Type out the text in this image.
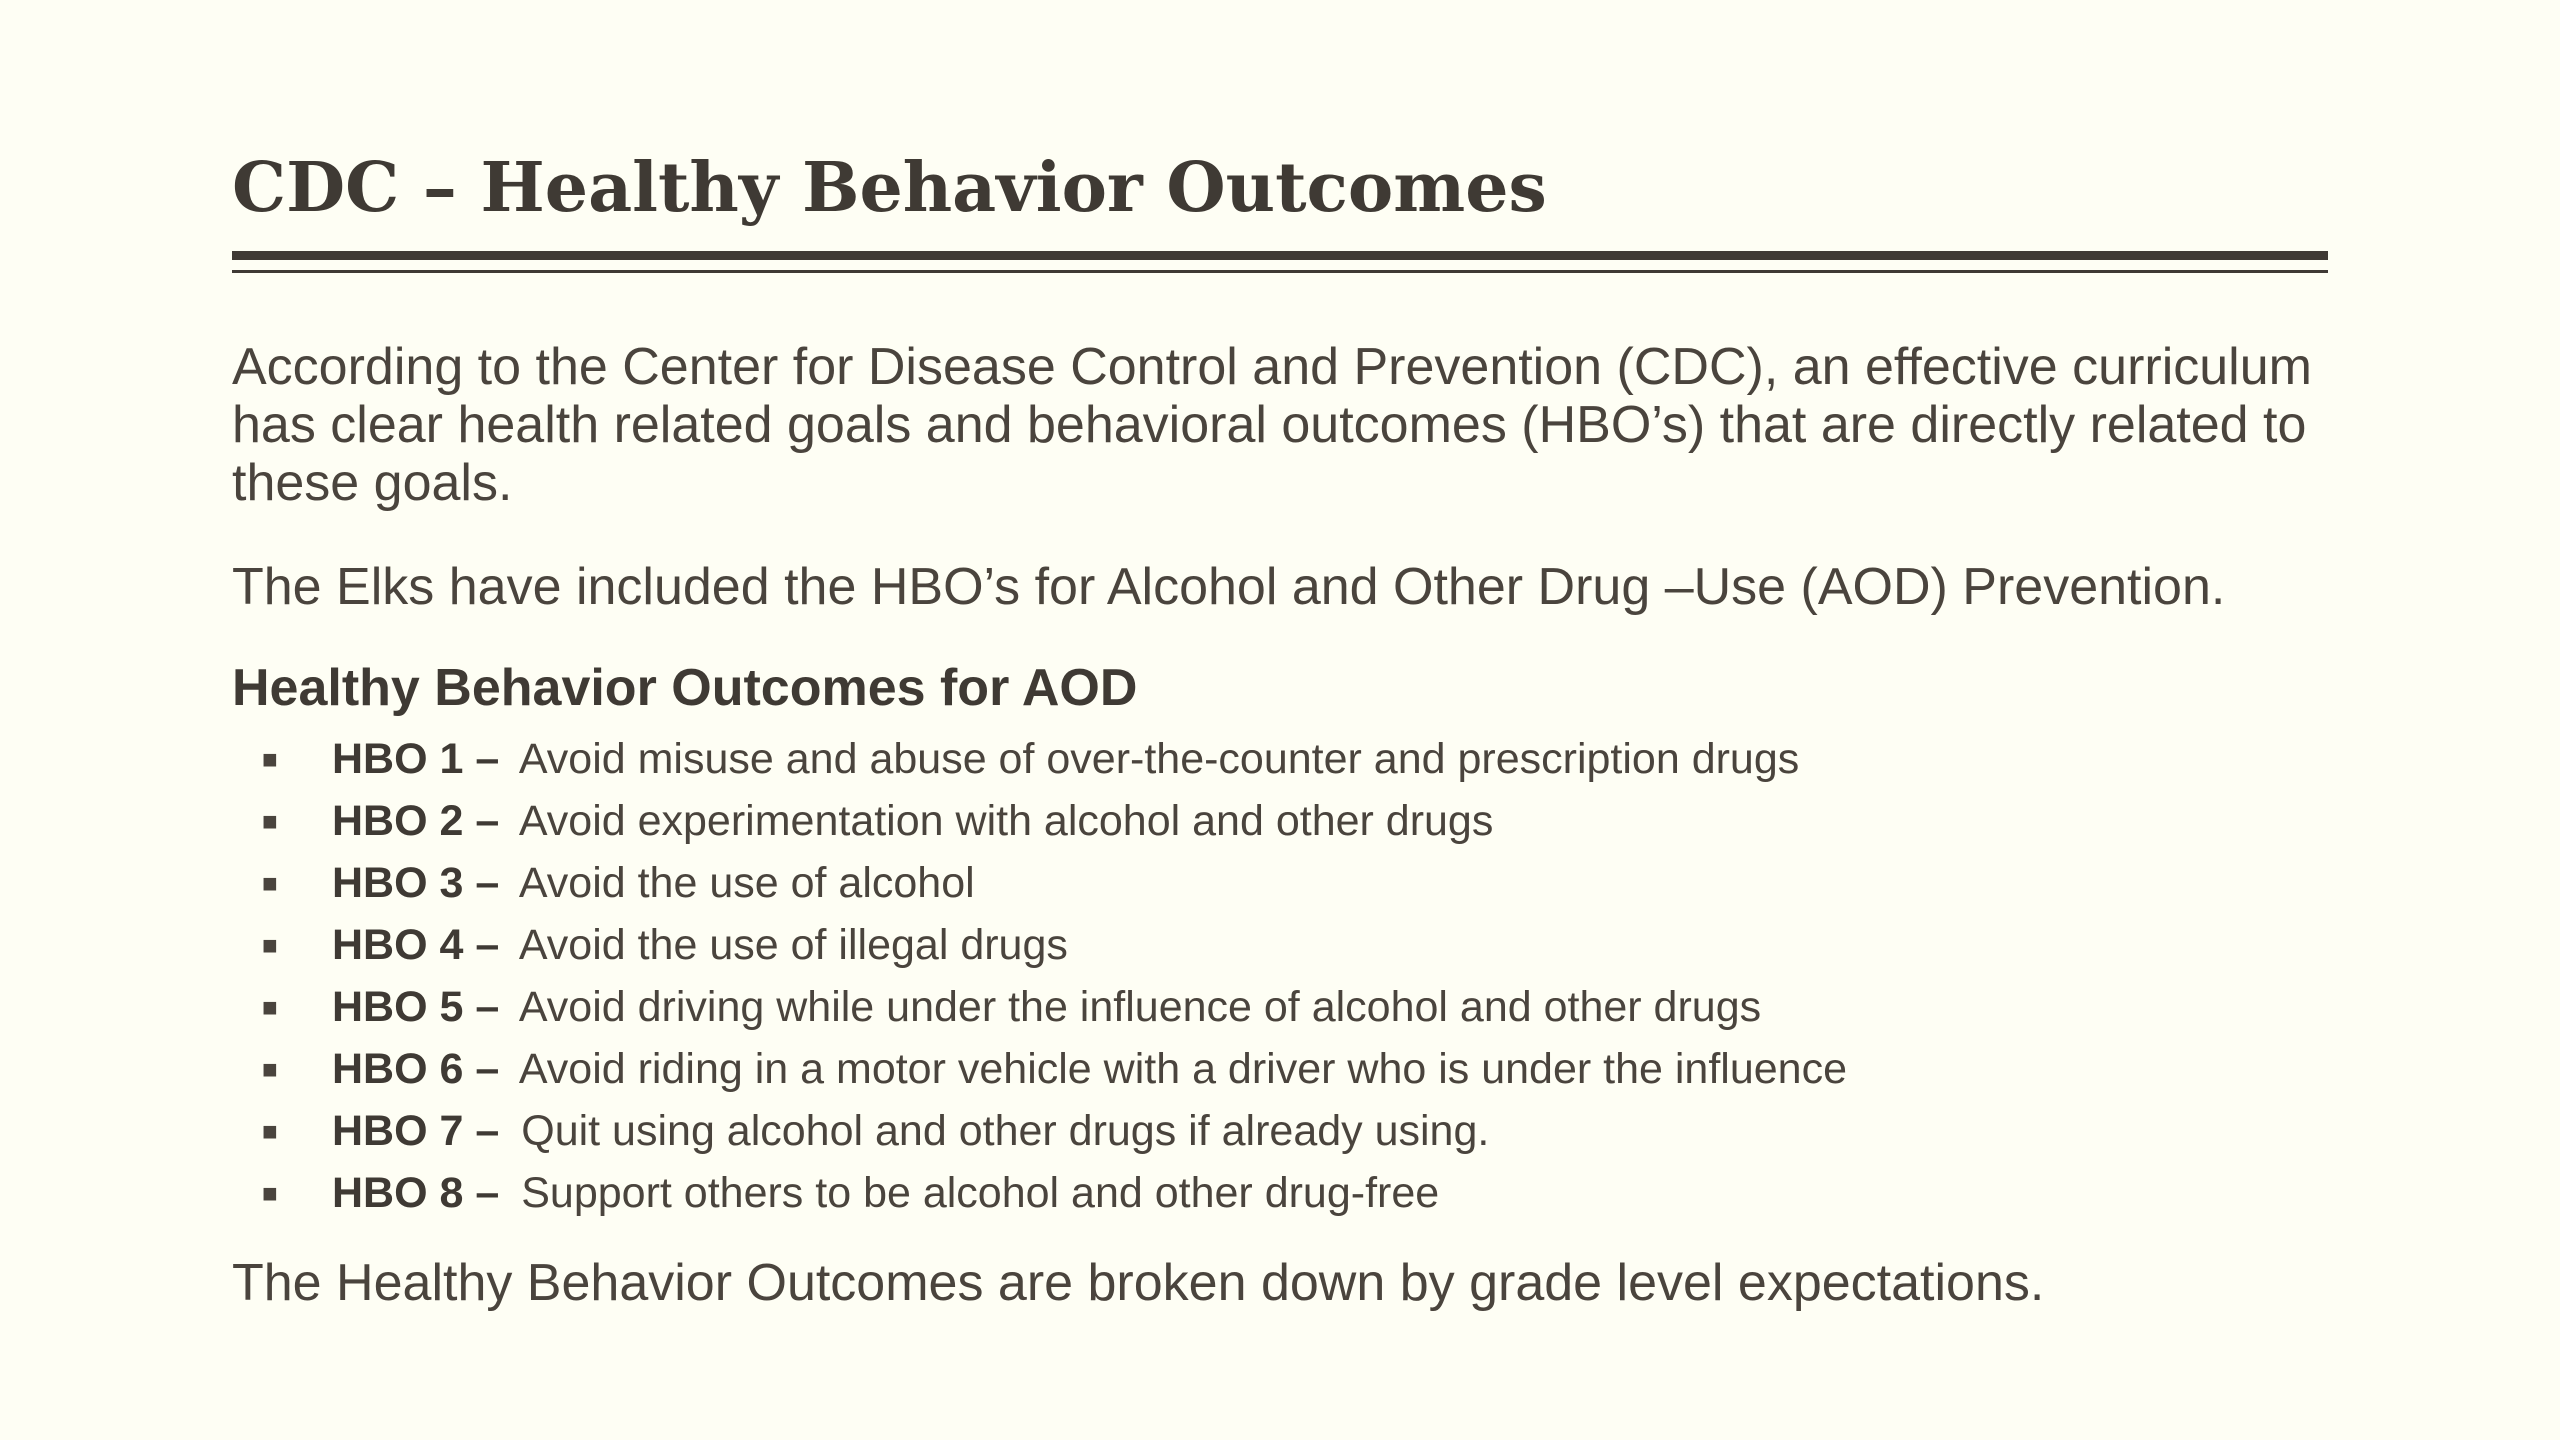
CDC – Healthy Behavior Outcomes

According to the Center for Disease Control and Prevention (CDC), an effective curriculum has clear health related goals and behavioral outcomes (HBO’s) that are directly related to these goals.

The Elks have included the HBO’s for Alcohol and Other Drug –Use (AOD) Prevention.

Healthy Behavior Outcomes for AOD
■	HBO 1 – Avoid misuse and abuse of over-the-counter and prescription drugs
■	HBO 2 – Avoid experimentation with alcohol and other drugs
■	HBO 3 – Avoid the use of alcohol
■	HBO 4 – Avoid the use of illegal drugs
■	HBO 5 – Avoid driving while under the influence of alcohol and other drugs
■	HBO 6 – Avoid riding in a motor vehicle with a driver who is under the influence
■	HBO 7 – Quit using alcohol and other drugs if already using.
■	HBO 8 – Support others to be alcohol and other drug-free

The Healthy Behavior Outcomes are broken down by grade level expectations.
